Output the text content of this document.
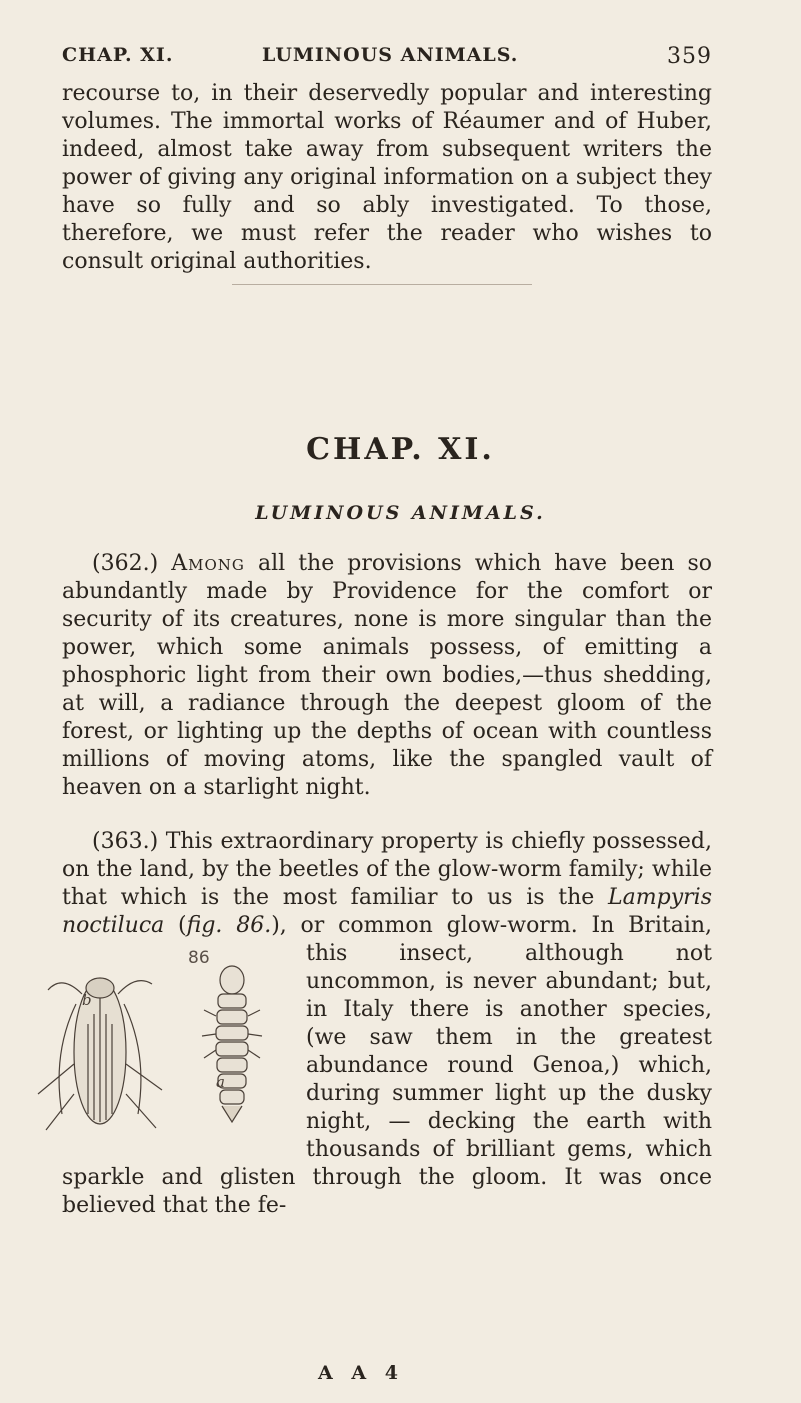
CHAP. XI.	LUMINOUS ANIMALS.	359

recourse to, in their deservedly popular and interesting volumes. The immortal works of Réaumer and of Huber, indeed, almost take away from subsequent writers the power of giving any original information on a subject they have so fully and so ably investigated. To those, therefore, we must refer the reader who wishes to consult original authorities.

CHAP. XI.
LUMINOUS ANIMALS.

(362.) Among all the provisions which have been so abundantly made by Providence for the comfort or security of its creatures, none is more singular than the power, which some animals possess, of emitting a phosphoric light from their own bodies,—thus shedding, at will, a radiance through the deepest gloom of the forest, or lighting up the depths of ocean with countless millions of moving atoms, like the spangled vault of heaven on a starlight night.

(363.) This extraordinary property is chiefly possessed, on the land, by the beetles of the glow-worm family; while that which is the most familiar to us is the Lampyris noctiluca (fig. 86.), or common glow-worm.
86
b
a
In Britain, this insect, although not uncommon, is never abundant; but, in Italy there is another species, (we saw them in the greatest abundance round Genoa,) which, during summer light up the dusky night, — decking the earth with thousands of brilliant gems, which sparkle and glisten through the gloom. It was once believed that the fe-

A A 4
